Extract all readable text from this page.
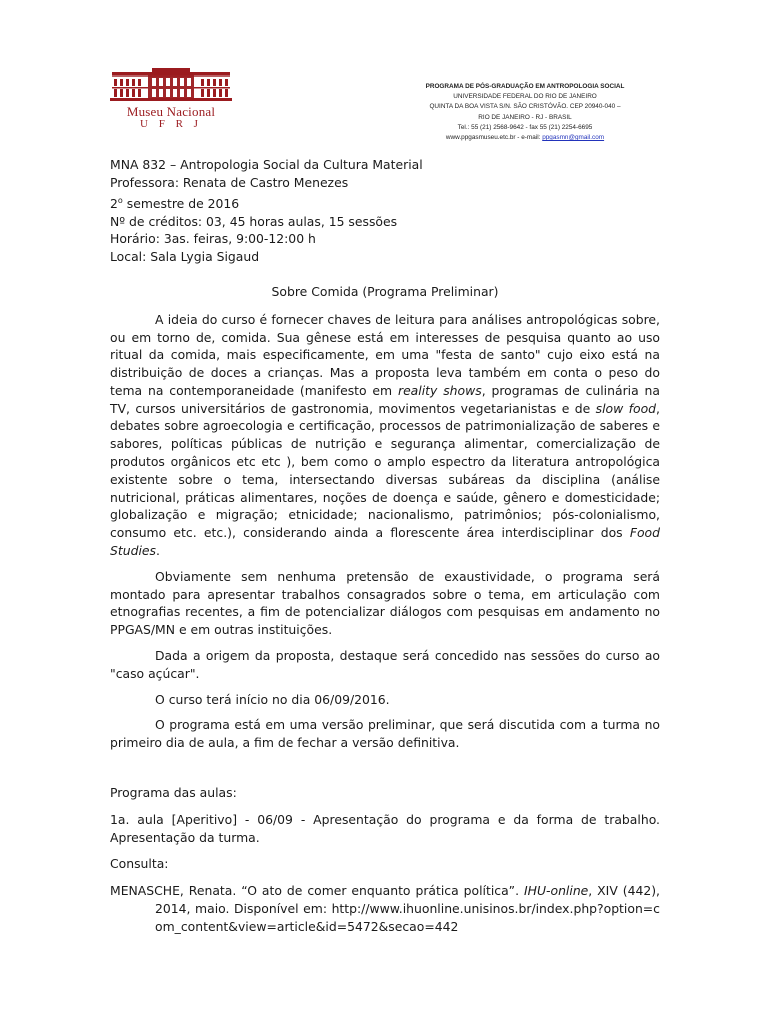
Museu Nacional
U F R J
PROGRAMA DE PÓS-GRADUAÇÃO EM ANTROPOLOGIA SOCIAL
UNIVERSIDADE FEDERAL DO RIO DE JANEIRO
QUINTA DA BOA VISTA S/N. SÃO CRISTÓVÃO. CEP 20940-040 –
RIO DE JANEIRO - RJ - BRASIL
Tel.: 55 (21) 2568-9642 - fax 55 (21) 2254-6695
www.ppgasmuseu.etc.br - e-mail: ppgasmn@gmail.com
MNA 832 – Antropologia Social da Cultura Material
Professora: Renata de Castro Menezes
2$^o$ semestre de 2016
Nº de créditos: 03, 45 horas aulas, 15 sessões
Horário: 3as. feiras, 9:00-12:00 h
Local: Sala Lygia Sigaud
Sobre Comida (Programa Preliminar)

A ideia do curso é fornecer chaves de leitura para análises antropológicas sobre, ou em torno de, comida. Sua gênese está em interesses de pesquisa quanto ao uso ritual da comida, mais especificamente, em uma "festa de santo" cujo eixo está na distribuição de doces a crianças. Mas a proposta leva também em conta o peso do tema na contemporaneidade (manifesto em reality shows, programas de culinária na TV, cursos universitários de gastronomia, movimentos vegetarianistas e de slow food, debates sobre agroecologia e certificação, processos de patrimonialização de saberes e sabores, políticas públicas de nutrição e segurança alimentar, comercialização de produtos orgânicos etc etc ), bem como o amplo espectro da literatura antropológica existente sobre o tema, intersectando diversas subáreas da disciplina (análise nutricional, práticas alimentares, noções de doença e saúde, gênero e domesticidade; globalização e migração; etnicidade; nacionalismo, patrimônios; pós-colonialismo, consumo etc. etc.), considerando ainda a florescente área interdisciplinar dos Food Studies.

Obviamente sem nenhuma pretensão de exaustividade, o programa será montado para apresentar trabalhos consagrados sobre o tema, em articulação com etnografias recentes, a fim de potencializar diálogos com pesquisas em andamento no PPGAS/MN e em outras instituições.

Dada a origem da proposta, destaque será concedido nas sessões do curso ao "caso açúcar".

O curso terá início no dia 06/09/2016.

O programa está em uma versão preliminar, que será discutida com a turma no primeiro dia de aula, a fim de fechar a versão definitiva.

Programa das aulas:

1a. aula [Aperitivo] - 06/09 - Apresentação do programa e da forma de trabalho. Apresentação da turma.

Consulta:

MENASCHE, Renata. “O ato de comer enquanto prática política”. IHU-online, XIV (442), 2014, maio. Disponível em: http://www.ihuonline.unisinos.br/index.php?option=com_content&view=article&id=5472&secao=442
